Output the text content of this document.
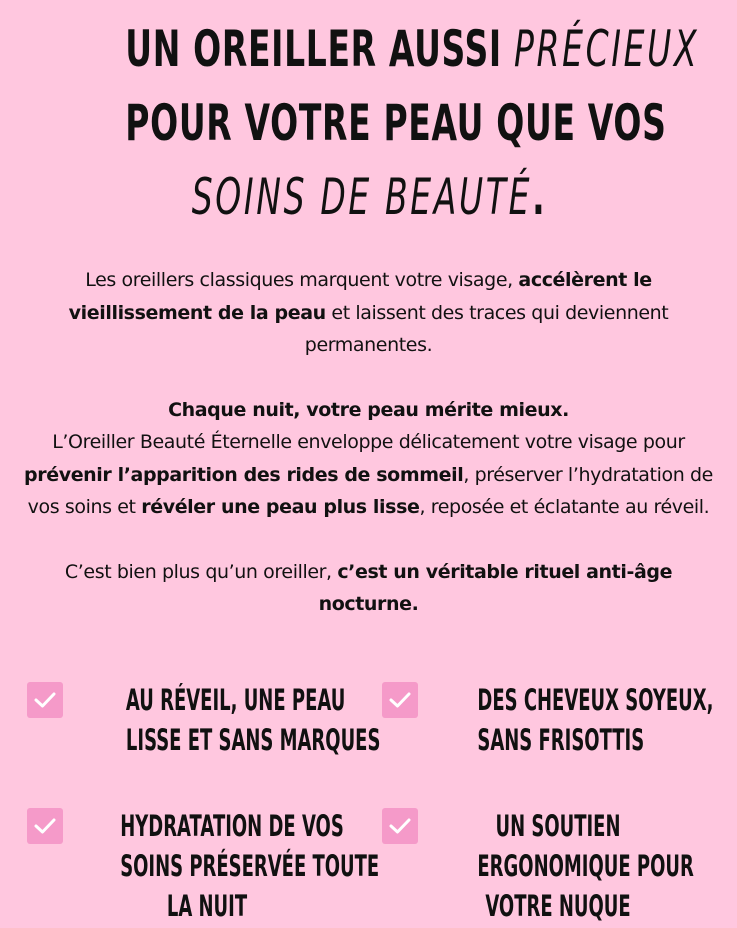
UN OREILLER AUSSI PRÉCIEUX
POUR VOTRE PEAU QUE VOS
SOINS DE BEAUTÉ.

Les oreillers classiques marquent votre visage, accélèrent le vieillissement de la peau et laissent des traces qui deviennent permanentes.

Chaque nuit, votre peau mérite mieux.
L’Oreiller Beauté Éternelle enveloppe délicatement votre visage pour prévenir l’apparition des rides de sommeil, préserver l’hydratation de vos soins et révéler une peau plus lisse, reposée et éclatante au réveil.

C’est bien plus qu’un oreiller, c’est un véritable rituel anti-âge nocturne.

AU RÉVEIL, UNE PEAU
LISSE ET SANS MARQUES
DES CHEVEUX SOYEUX,
SANS FRISOTTIS
HYDRATATION DE VOS
SOINS PRÉSERVÉE TOUTE
LA NUIT
UN SOUTIEN
ERGONOMIQUE POUR
VOTRE NUQUE
